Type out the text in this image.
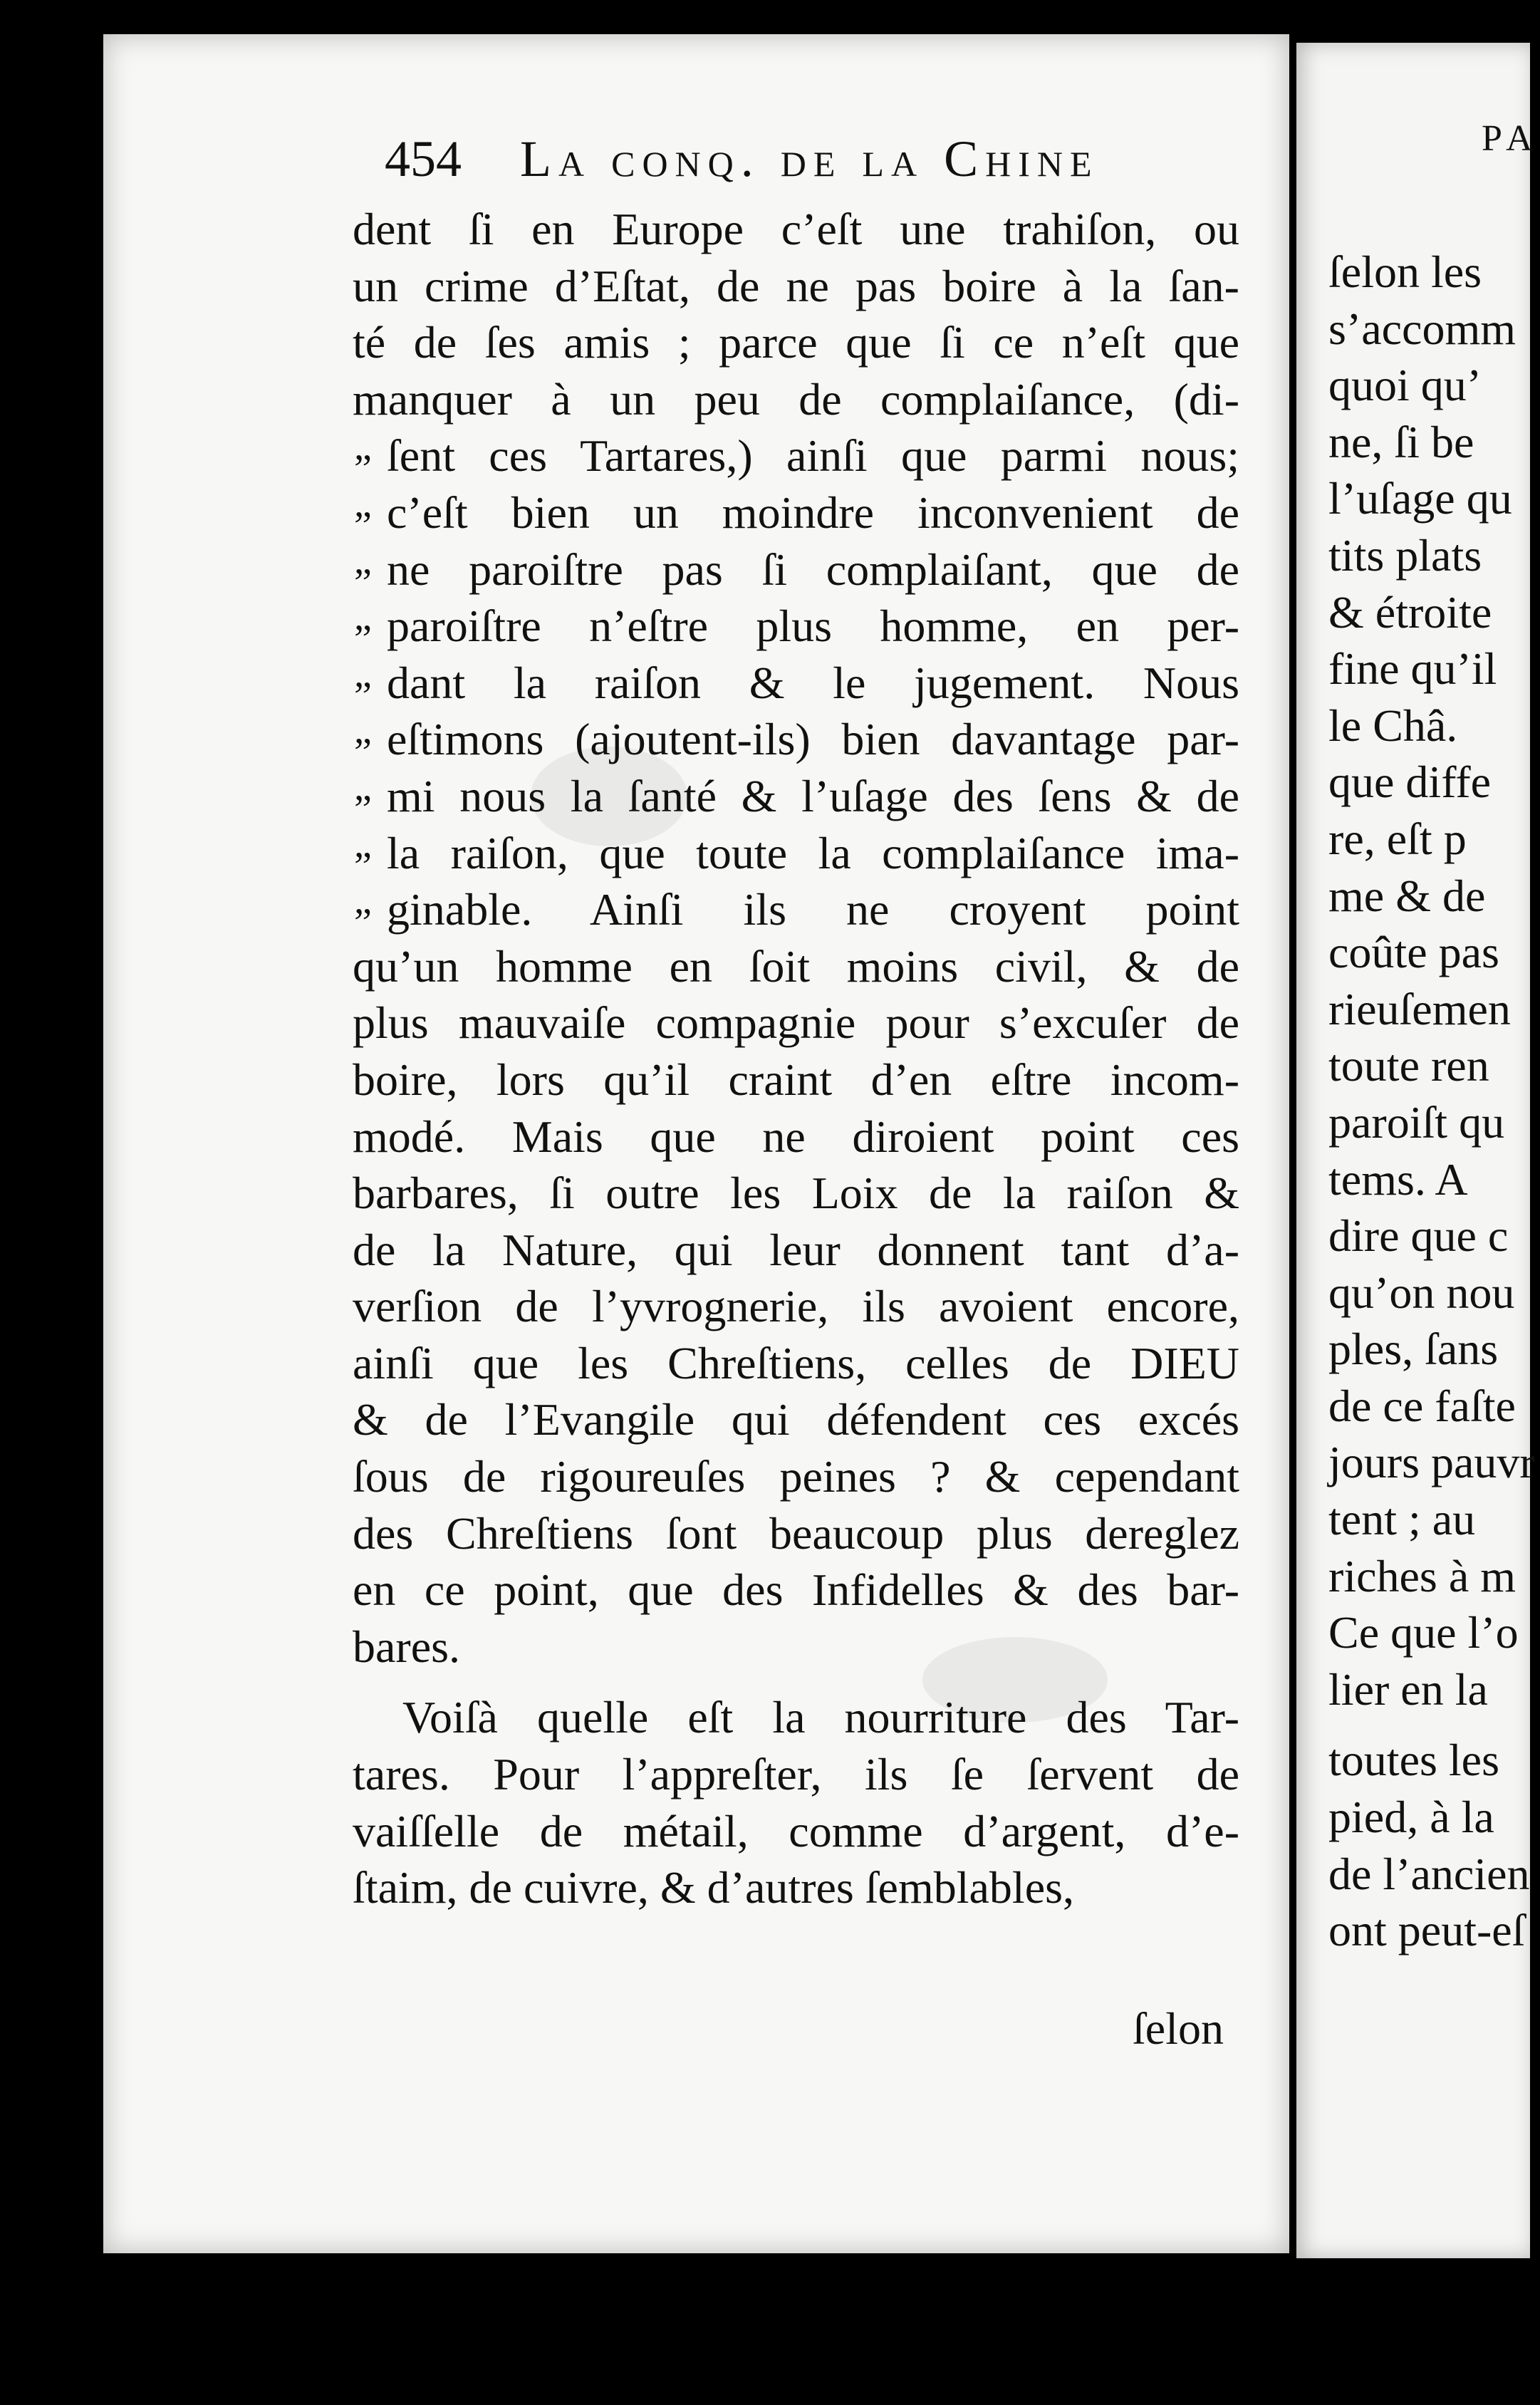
PA
ſelon les
s’accomm
quoi qu’
ne, ſi be
l’uſage qu
tits plats
& étroite
fine qu’il
le Châ.
que diffe
re, eſt p
me & de
coûte pas
rieuſemen
toute ren
paroiſt qu
tems. A
dire que c
qu’on nou
ples, ſans
de ce faſte
jours pauvr
tent ; au
riches à m
Ce que l’o
lier en la
toutes les
pied, à la
de l’ancien
ont peut-eſ
454 La conq. de la Chine
dent ſi en Europe c’eſt une trahiſon, ou
un crime d’Eſtat, de ne pas boire à la ſan-
té de ſes amis ; parce que ſi ce n’eſt que
manquer à un peu de complaiſance, (di-
„ ſent ces Tartares,) ainſi que parmi nous;
„ c’eſt bien un moindre inconvenient de
„ ne paroiſtre pas ſi complaiſant, que de
„ paroiſtre n’eſtre plus homme, en per-
„ dant la raiſon & le jugement. Nous
„ eſtimons (ajoutent-ils) bien davantage par-
„ mi nous la ſanté & l’uſage des ſens & de
„ la raiſon, que toute la complaiſance ima-
„ ginable. Ainſi ils ne croyent point
qu’un homme en ſoit moins civil, & de
plus mauvaiſe compagnie pour s’excuſer de
boire, lors qu’il craint d’en eſtre incom-
modé. Mais que ne diroient point ces
barbares, ſi outre les Loix de la raiſon &
de la Nature, qui leur donnent tant d’a-
verſion de l’yvrognerie, ils avoient encore,
ainſi que les Chreſtiens, celles de DIEU
& de l’Evangile qui défendent ces excés
ſous de rigoureuſes peines ? & cependant
des Chreſtiens ſont beaucoup plus dereglez
en ce point, que des Infidelles & des bar-
bares.
Voiſà quelle eſt la nourriture des Tar-
tares. Pour l’appreſter, ils ſe ſervent de
vaiſſelle de métail, comme d’argent, d’e-
ſtaim, de cuivre, & d’autres ſemblables,
ſelon
